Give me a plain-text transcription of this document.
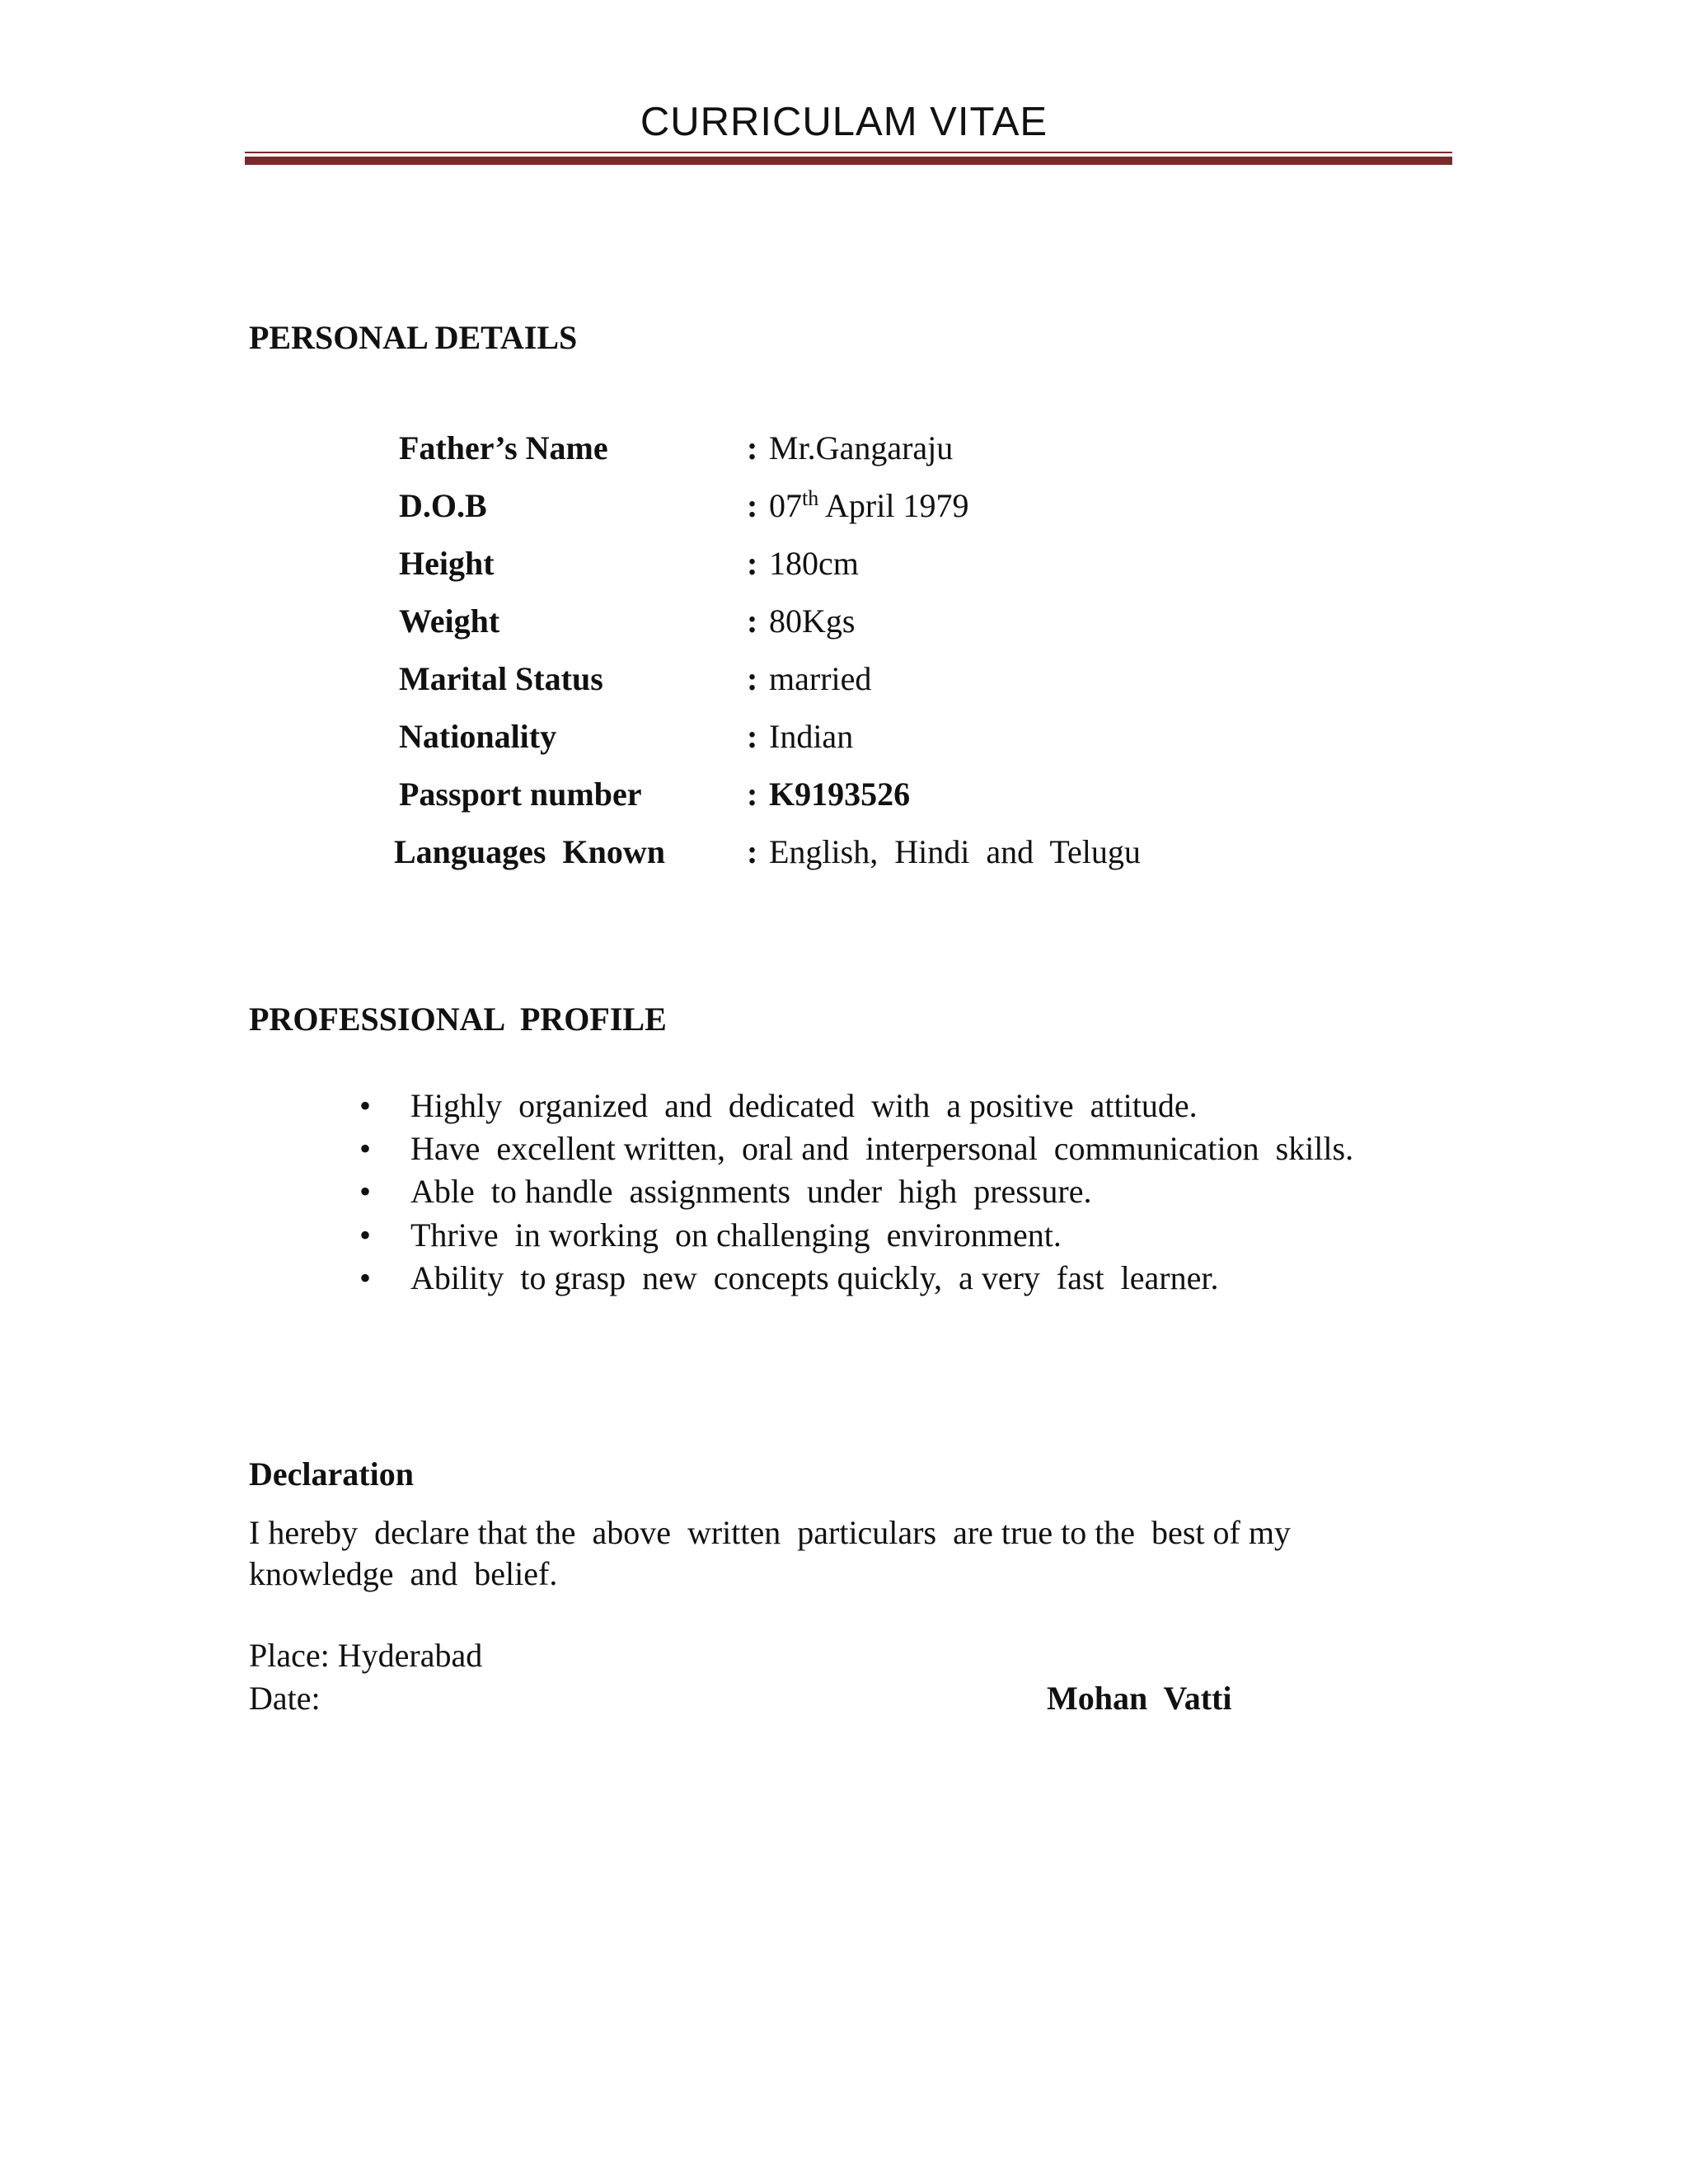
CURRICULAM VITAE
PERSONAL DETAILS
Father’s Name	: Mr.Gangaraju
D.O.B	: 07th April 1979
Height	: 180cm
Weight	: 80Kgs
Marital Status	: married
Nationality	: Indian
Passport number	: K9193526
Languages  Known : English,  Hindi  and  Telugu
PROFESSIONAL  PROFILE
• Highly  organized  and  dedicated  with  a positive  attitude.
• Have  excellent written,  oral and  interpersonal  communication  skills.
• Able  to handle  assignments  under  high  pressure.
• Thrive  in working  on challenging  environment.
• Ability  to grasp  new  concepts quickly,  a very  fast  learner.
Declaration
I hereby  declare that the  above  written  particulars  are true to the  best of my
knowledge  and  belief.
Place: Hyderabad
Date:	Mohan  Vatti
